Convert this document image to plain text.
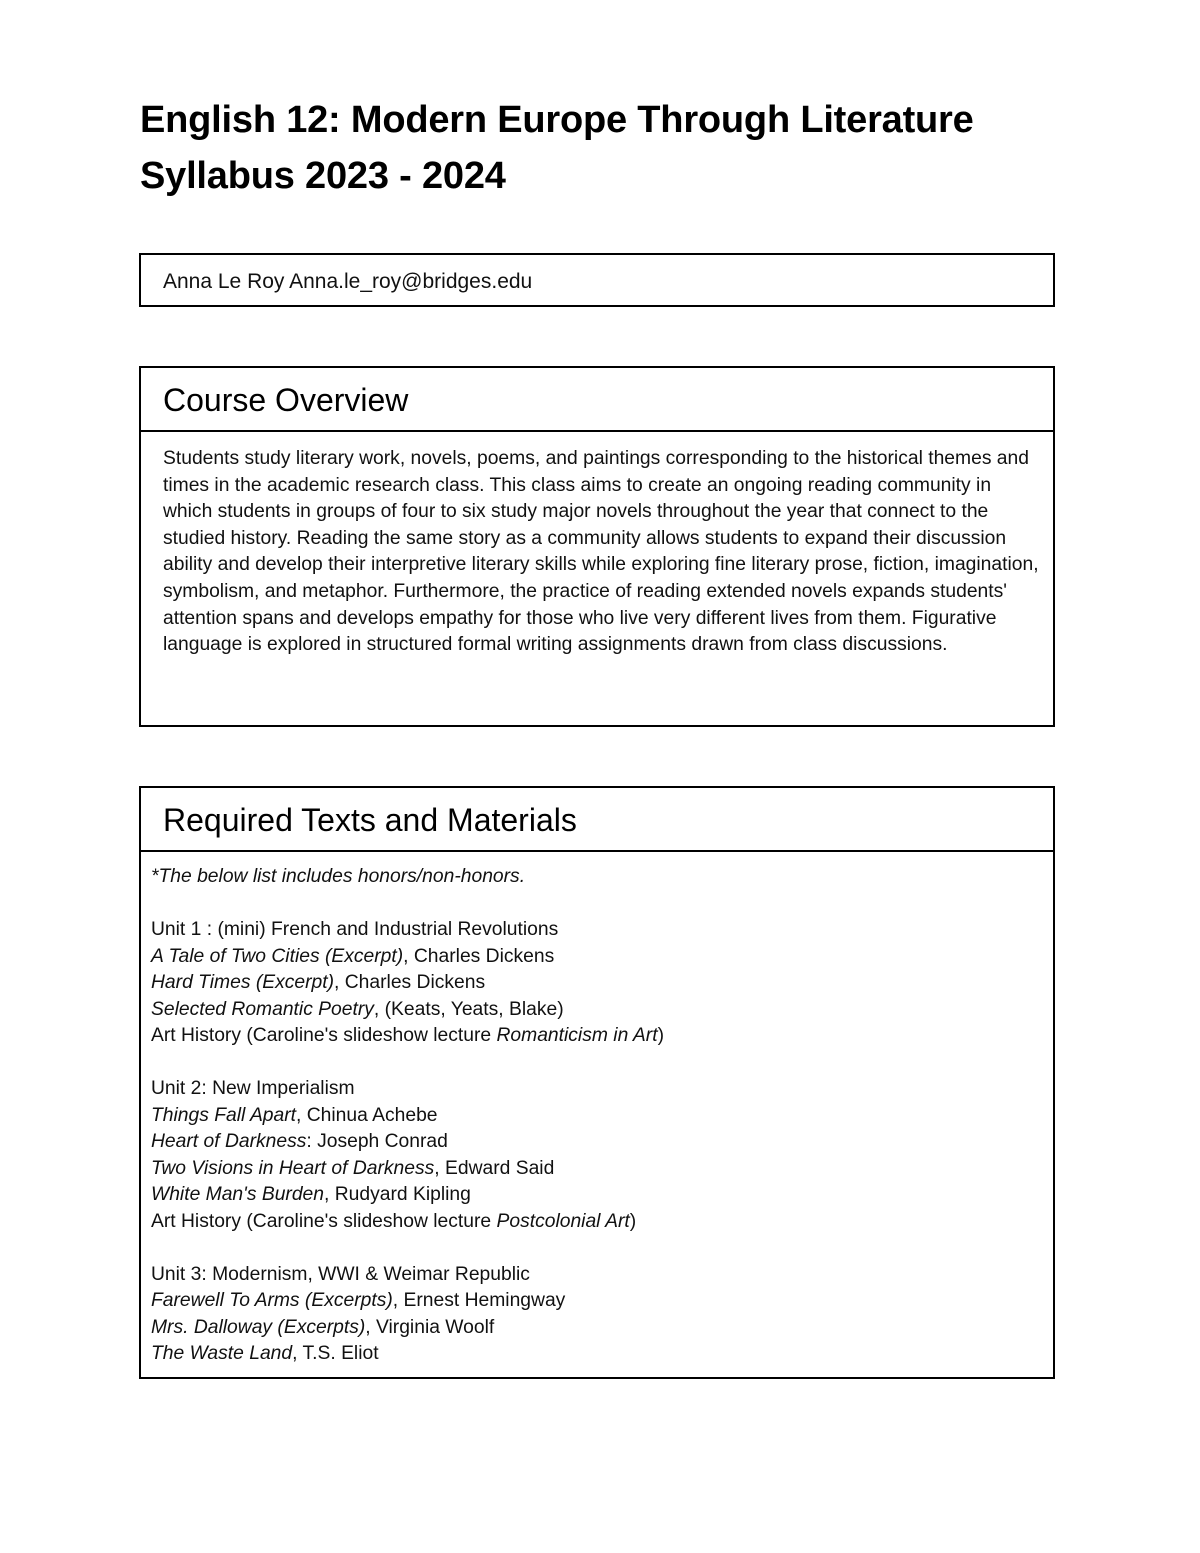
English 12: Modern Europe Through Literature
Syllabus 2023 - 2024
Anna Le Roy Anna.le_roy@bridges.edu
Course Overview
Students study literary work, novels, poems, and paintings corresponding to the historical themes and times in the academic research class. This class aims to create an ongoing reading community in which students in groups of four to six study major novels throughout the year that connect to the studied history. Reading the same story as a community allows students to expand their discussion ability and develop their interpretive literary skills while exploring fine literary prose, fiction, imagination, symbolism, and metaphor. Furthermore, the practice of reading extended novels expands students' attention spans and develops empathy for those who live very different lives from them. Figurative language is explored in structured formal writing assignments drawn from class discussions.
Required Texts and Materials
*The below list includes honors/non-honors.
Unit 1 : (mini) French and Industrial Revolutions
A Tale of Two Cities (Excerpt), Charles Dickens
Hard Times (Excerpt), Charles Dickens
Selected Romantic Poetry, (Keats, Yeats, Blake)
Art History (Caroline's slideshow lecture Romanticism in Art)
Unit 2: New Imperialism
Things Fall Apart, Chinua Achebe
Heart of Darkness: Joseph Conrad
Two Visions in Heart of Darkness, Edward Said
White Man's Burden, Rudyard Kipling
Art History (Caroline's slideshow lecture Postcolonial Art)
Unit 3: Modernism, WWI & Weimar Republic
Farewell To Arms (Excerpts), Ernest Hemingway
Mrs. Dalloway (Excerpts), Virginia Woolf
The Waste Land, T.S. Eliot
